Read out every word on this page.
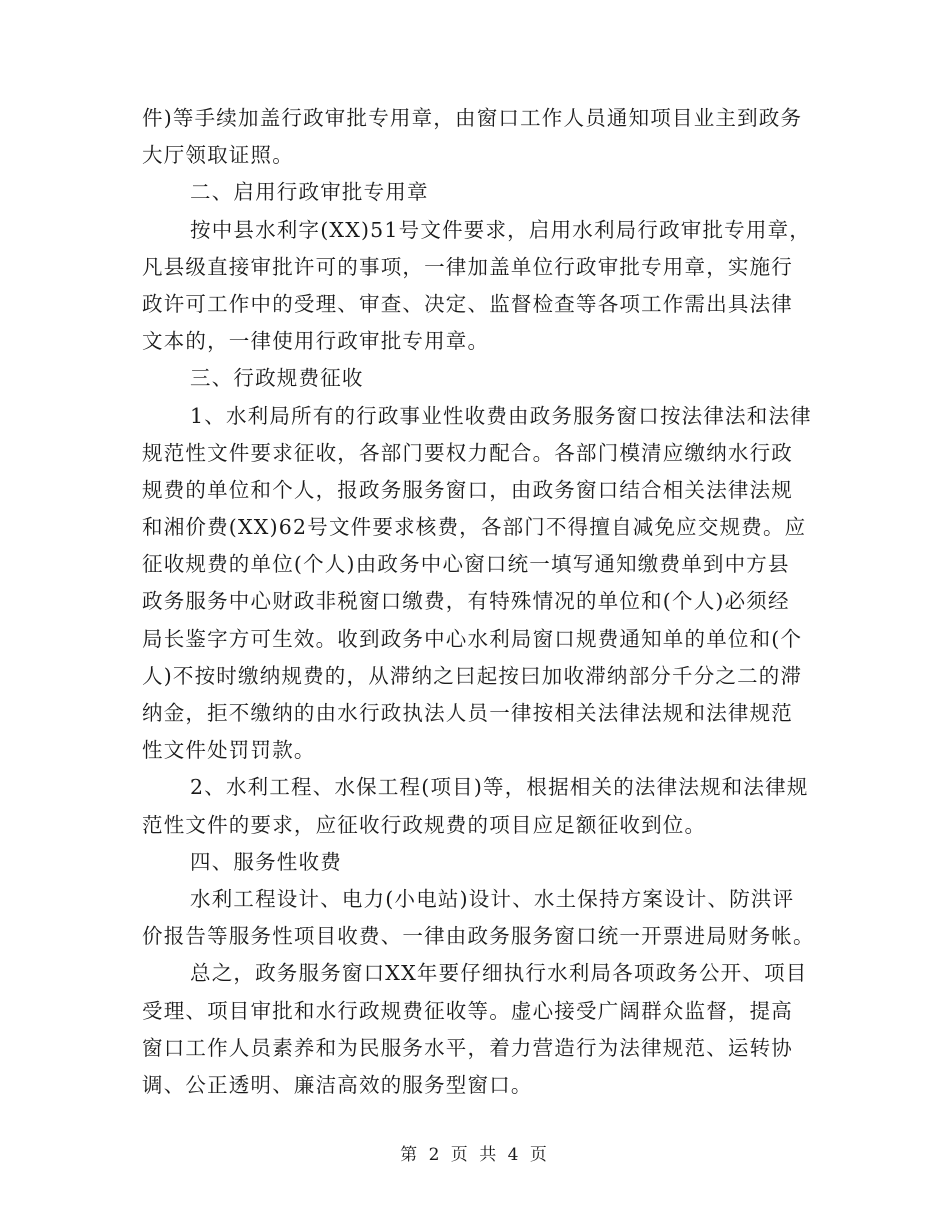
件)等手续加盖行政审批专用章，由窗口工作人员通知项目业主到政务
大厅领取证照。
二、启用行政审批专用章
按中县水利字(XX)51号文件要求，启用水利局行政审批专用章，
凡县级直接审批许可的事项，一律加盖单位行政审批专用章，实施行
政许可工作中的受理、审查、决定、监督检查等各项工作需出具法律
文本的，一律使用行政审批专用章。
三、行政规费征收
1、水利局所有的行政事业性收费由政务服务窗口按法律法和法律
规范性文件要求征收，各部门要权力配合。各部门模清应缴纳水行政
规费的单位和个人，报政务服务窗口，由政务窗口结合相关法律法规
和湘价费(XX)62号文件要求核费，各部门不得擅自减免应交规费。应
征收规费的单位(个人)由政务中心窗口统一填写通知缴费单到中方县
政务服务中心财政非税窗口缴费，有特殊情况的单位和(个人)必须经
局长鉴字方可生效。收到政务中心水利局窗口规费通知单的单位和(个
人)不按时缴纳规费的，从滞纳之曰起按曰加收滞纳部分千分之二的滞
纳金，拒不缴纳的由水行政执法人员一律按相关法律法规和法律规范
性文件处罚罚款。
2、水利工程、水保工程(项目)等，根据相关的法律法规和法律规
范性文件的要求，应征收行政规费的项目应足额征收到位。
四、服务性收费
水利工程设计、电力(小电站)设计、水土保持方案设计、防洪评
价报告等服务性项目收费、一律由政务服务窗口统一开票进局财务帐。
总之，政务服务窗口XX年要仔细执行水利局各项政务公开、项目
受理、项目审批和水行政规费征收等。虚心接受广阔群众监督，提高
窗口工作人员素养和为民服务水平，着力营造行为法律规范、运转协
调、公正透明、廉洁高效的服务型窗口。
第 2 页 共 4 页
